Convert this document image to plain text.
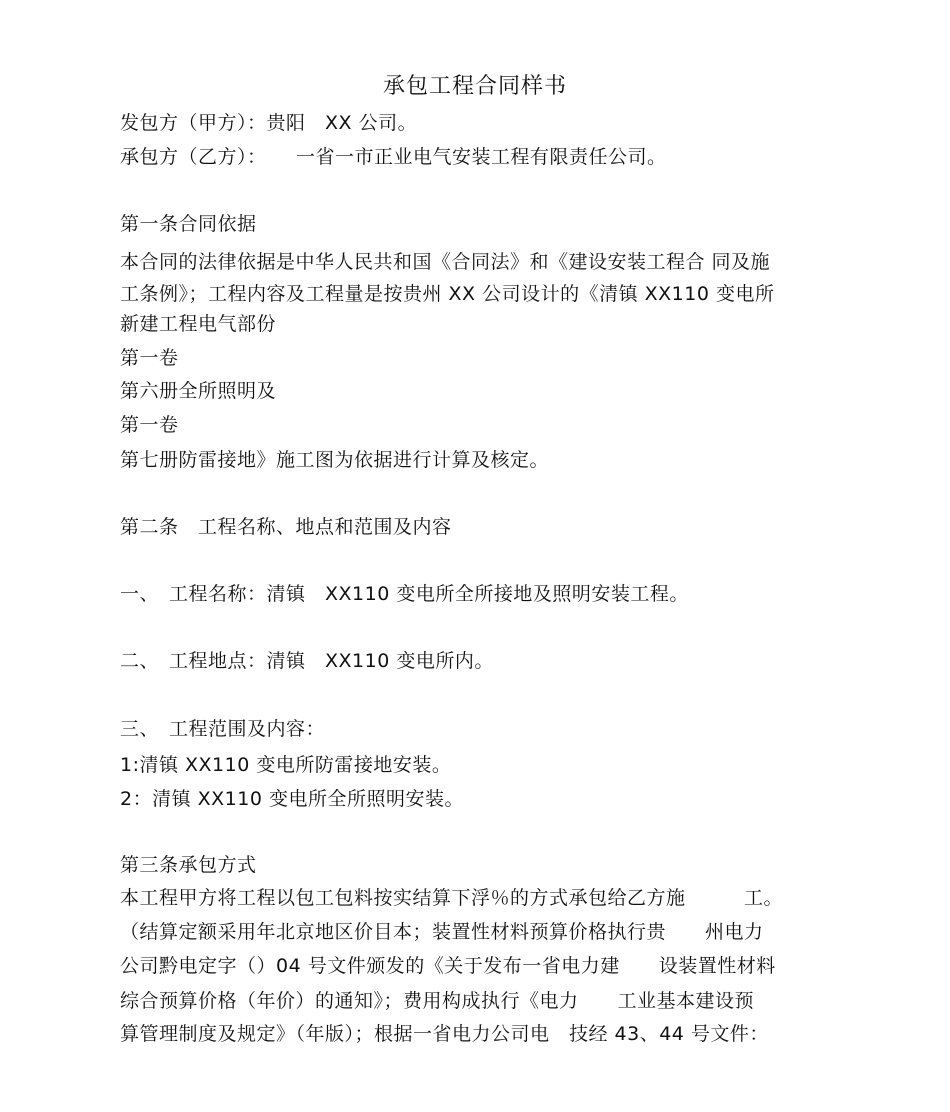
承包工程合同样书

发包方（甲方）：贵阳　XX 公司。

承包方（乙方）：　　一省一市正业电气安装工程有限责任公司。

第一条合同依据

本合同的法律依据是中华人民共和国《合同法》和《建设安装工程合 同及施

工条例》；工程内容及工程量是按贵州 XX 公司设计的《清镇 XX110 变电所

新建工程电气部份

第一卷

第六册全所照明及

第一卷

第七册防雷接地》施工图为依据进行计算及核定。

第二条　工程名称、地点和范围及内容

一、　工程名称：清镇　XX110 变电所全所接地及照明安装工程。

二、　工程地点：清镇　XX110 变电所内。

三、　工程范围及内容：

1:清镇 XX110 变电所防雷接地安装。

2：清镇 XX110 变电所全所照明安装。

第三条承包方式

本工程甲方将工程以包工包料按实结算下浮％的方式承包给乙方施　　　工。

（结算定额采用年北京地区价目本；装置性材料预算价格执行贵　　州电力

公司黔电定字（）04 号文件颁发的《关于发布一省电力建　　设装置性材料

综合预算价格（年价）的通知》；费用构成执行《电力　　工业基本建设预

算管理制度及规定》（年版）；根据一省电力公司电　技经 43、44 号文件：
